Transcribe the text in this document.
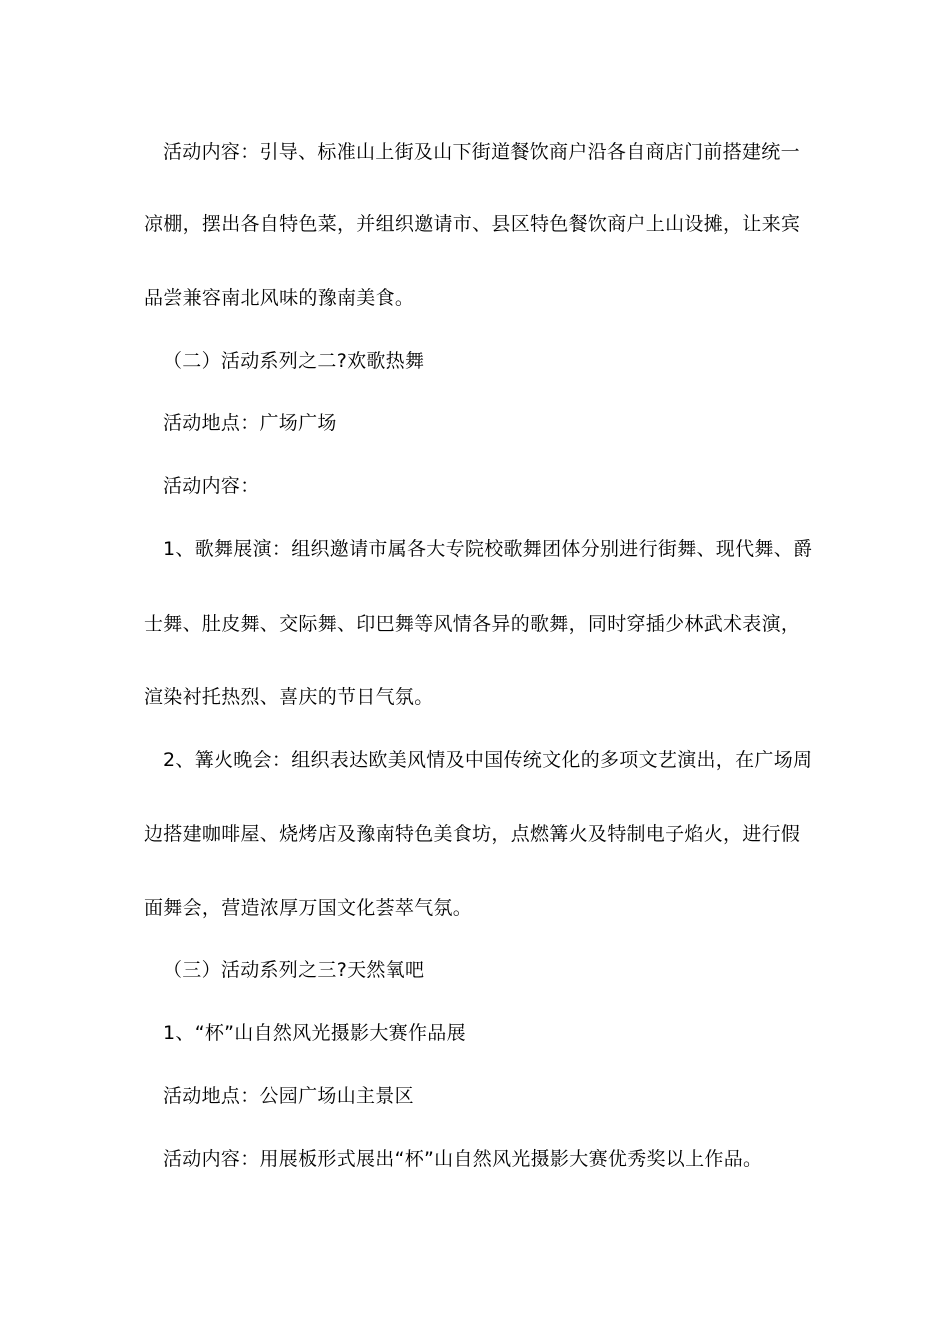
活动内容：引导、标准山上街及山下街道餐饮商户沿各自商店门前搭建统一
凉棚，摆出各自特色菜，并组织邀请市、县区特色餐饮商户上山设摊，让来宾
品尝兼容南北风味的豫南美食。
（二）活动系列之二?欢歌热舞
活动地点：广场广场
活动内容：
1、歌舞展演：组织邀请市属各大专院校歌舞团体分别进行街舞、现代舞、爵
士舞、肚皮舞、交际舞、印巴舞等风情各异的歌舞，同时穿插少林武术表演，
渲染衬托热烈、喜庆的节日气氛。
2、篝火晚会：组织表达欧美风情及中国传统文化的多项文艺演出，在广场周
边搭建咖啡屋、烧烤店及豫南特色美食坊，点燃篝火及特制电子焰火，进行假
面舞会，营造浓厚万国文化荟萃气氛。
（三）活动系列之三?天然氧吧
1、“杯”山自然风光摄影大赛作品展
活动地点：公园广场山主景区
活动内容：用展板形式展出“杯”山自然风光摄影大赛优秀奖以上作品。
